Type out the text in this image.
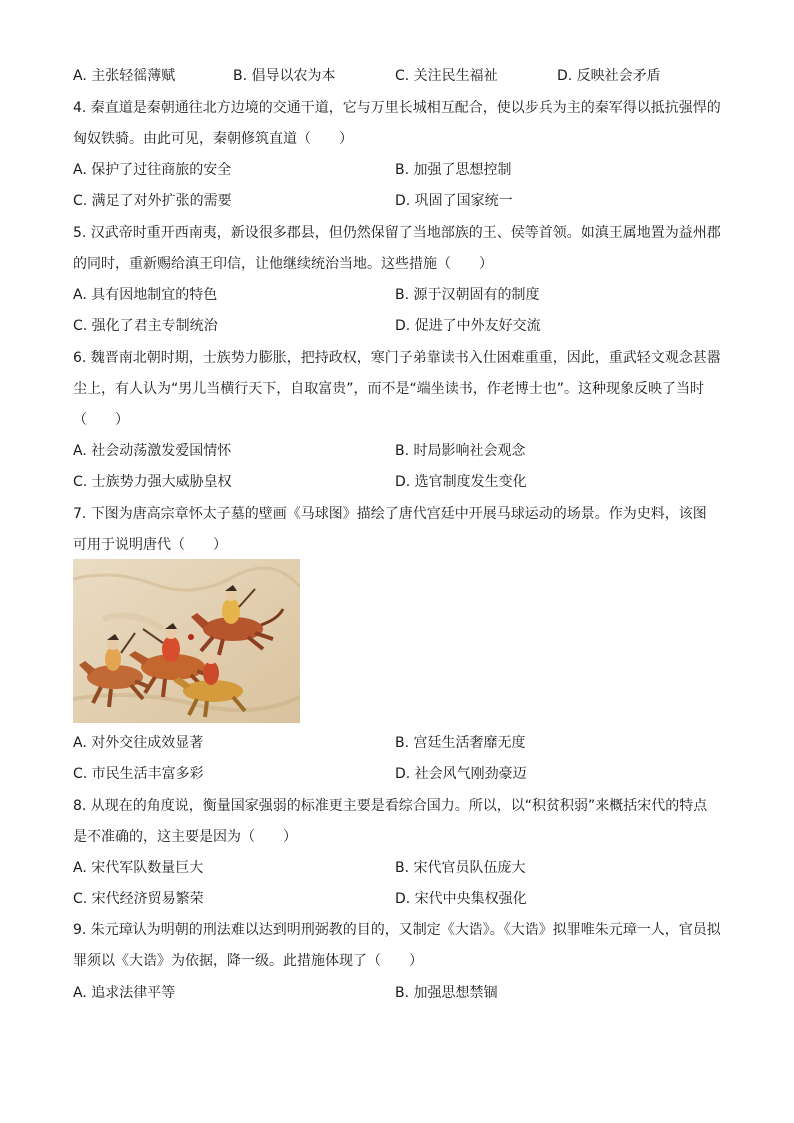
A. 主张轻徭薄赋	B. 倡导以农为本	C. 关注民生福祉	D. 反映社会矛盾
4. 秦直道是秦朝通往北方边境的交通干道，它与万里长城相互配合，使以步兵为主的秦军得以抵抗强悍的
匈奴铁骑。由此可见，秦朝修筑直道（　　）
A. 保护了过往商旅的安全	B. 加强了思想控制
C. 满足了对外扩张的需要	D. 巩固了国家统一
5. 汉武帝时重开西南夷，新设很多郡县，但仍然保留了当地部族的王、侯等首领。如滇王属地置为益州郡
的同时，重新赐给滇王印信，让他继续统治当地。这些措施（　　）
A. 具有因地制宜的特色	B. 源于汉朝固有的制度
C. 强化了君主专制统治	D. 促进了中外友好交流
6. 魏晋南北朝时期，士族势力膨胀，把持政权，寒门子弟靠读书入仕困难重重，因此，重武轻文观念甚嚣
尘上，有人认为“男儿当横行天下，自取富贵”，而不是“端坐读书，作老博士也”。这种现象反映了当时
（　　）
A. 社会动荡激发爱国情怀	B. 时局影响社会观念
C. 士族势力强大威胁皇权	D. 选官制度发生变化
7. 下图为唐高宗章怀太子墓的壁画《马球图》描绘了唐代宫廷中开展马球运动的场景。作为史料，该图
可用于说明唐代（　　）
A. 对外交往成效显著	B. 宫廷生活奢靡无度
C. 市民生活丰富多彩	D. 社会风气刚劲豪迈
8. 从现在的角度说，衡量国家强弱的标准更主要是看综合国力。所以，以“积贫积弱”来概括宋代的特点
是不准确的，这主要是因为（　　）
A. 宋代军队数量巨大	B. 宋代官员队伍庞大
C. 宋代经济贸易繁荣	D. 宋代中央集权强化
9. 朱元璋认为明朝的刑法难以达到明刑弼教的目的，又制定《大诰》。《大诰》拟罪唯朱元璋一人，官员拟
罪须以《大诰》为依据，降一级。此措施体现了（　　）
A. 追求法律平等	B. 加强思想禁锢
